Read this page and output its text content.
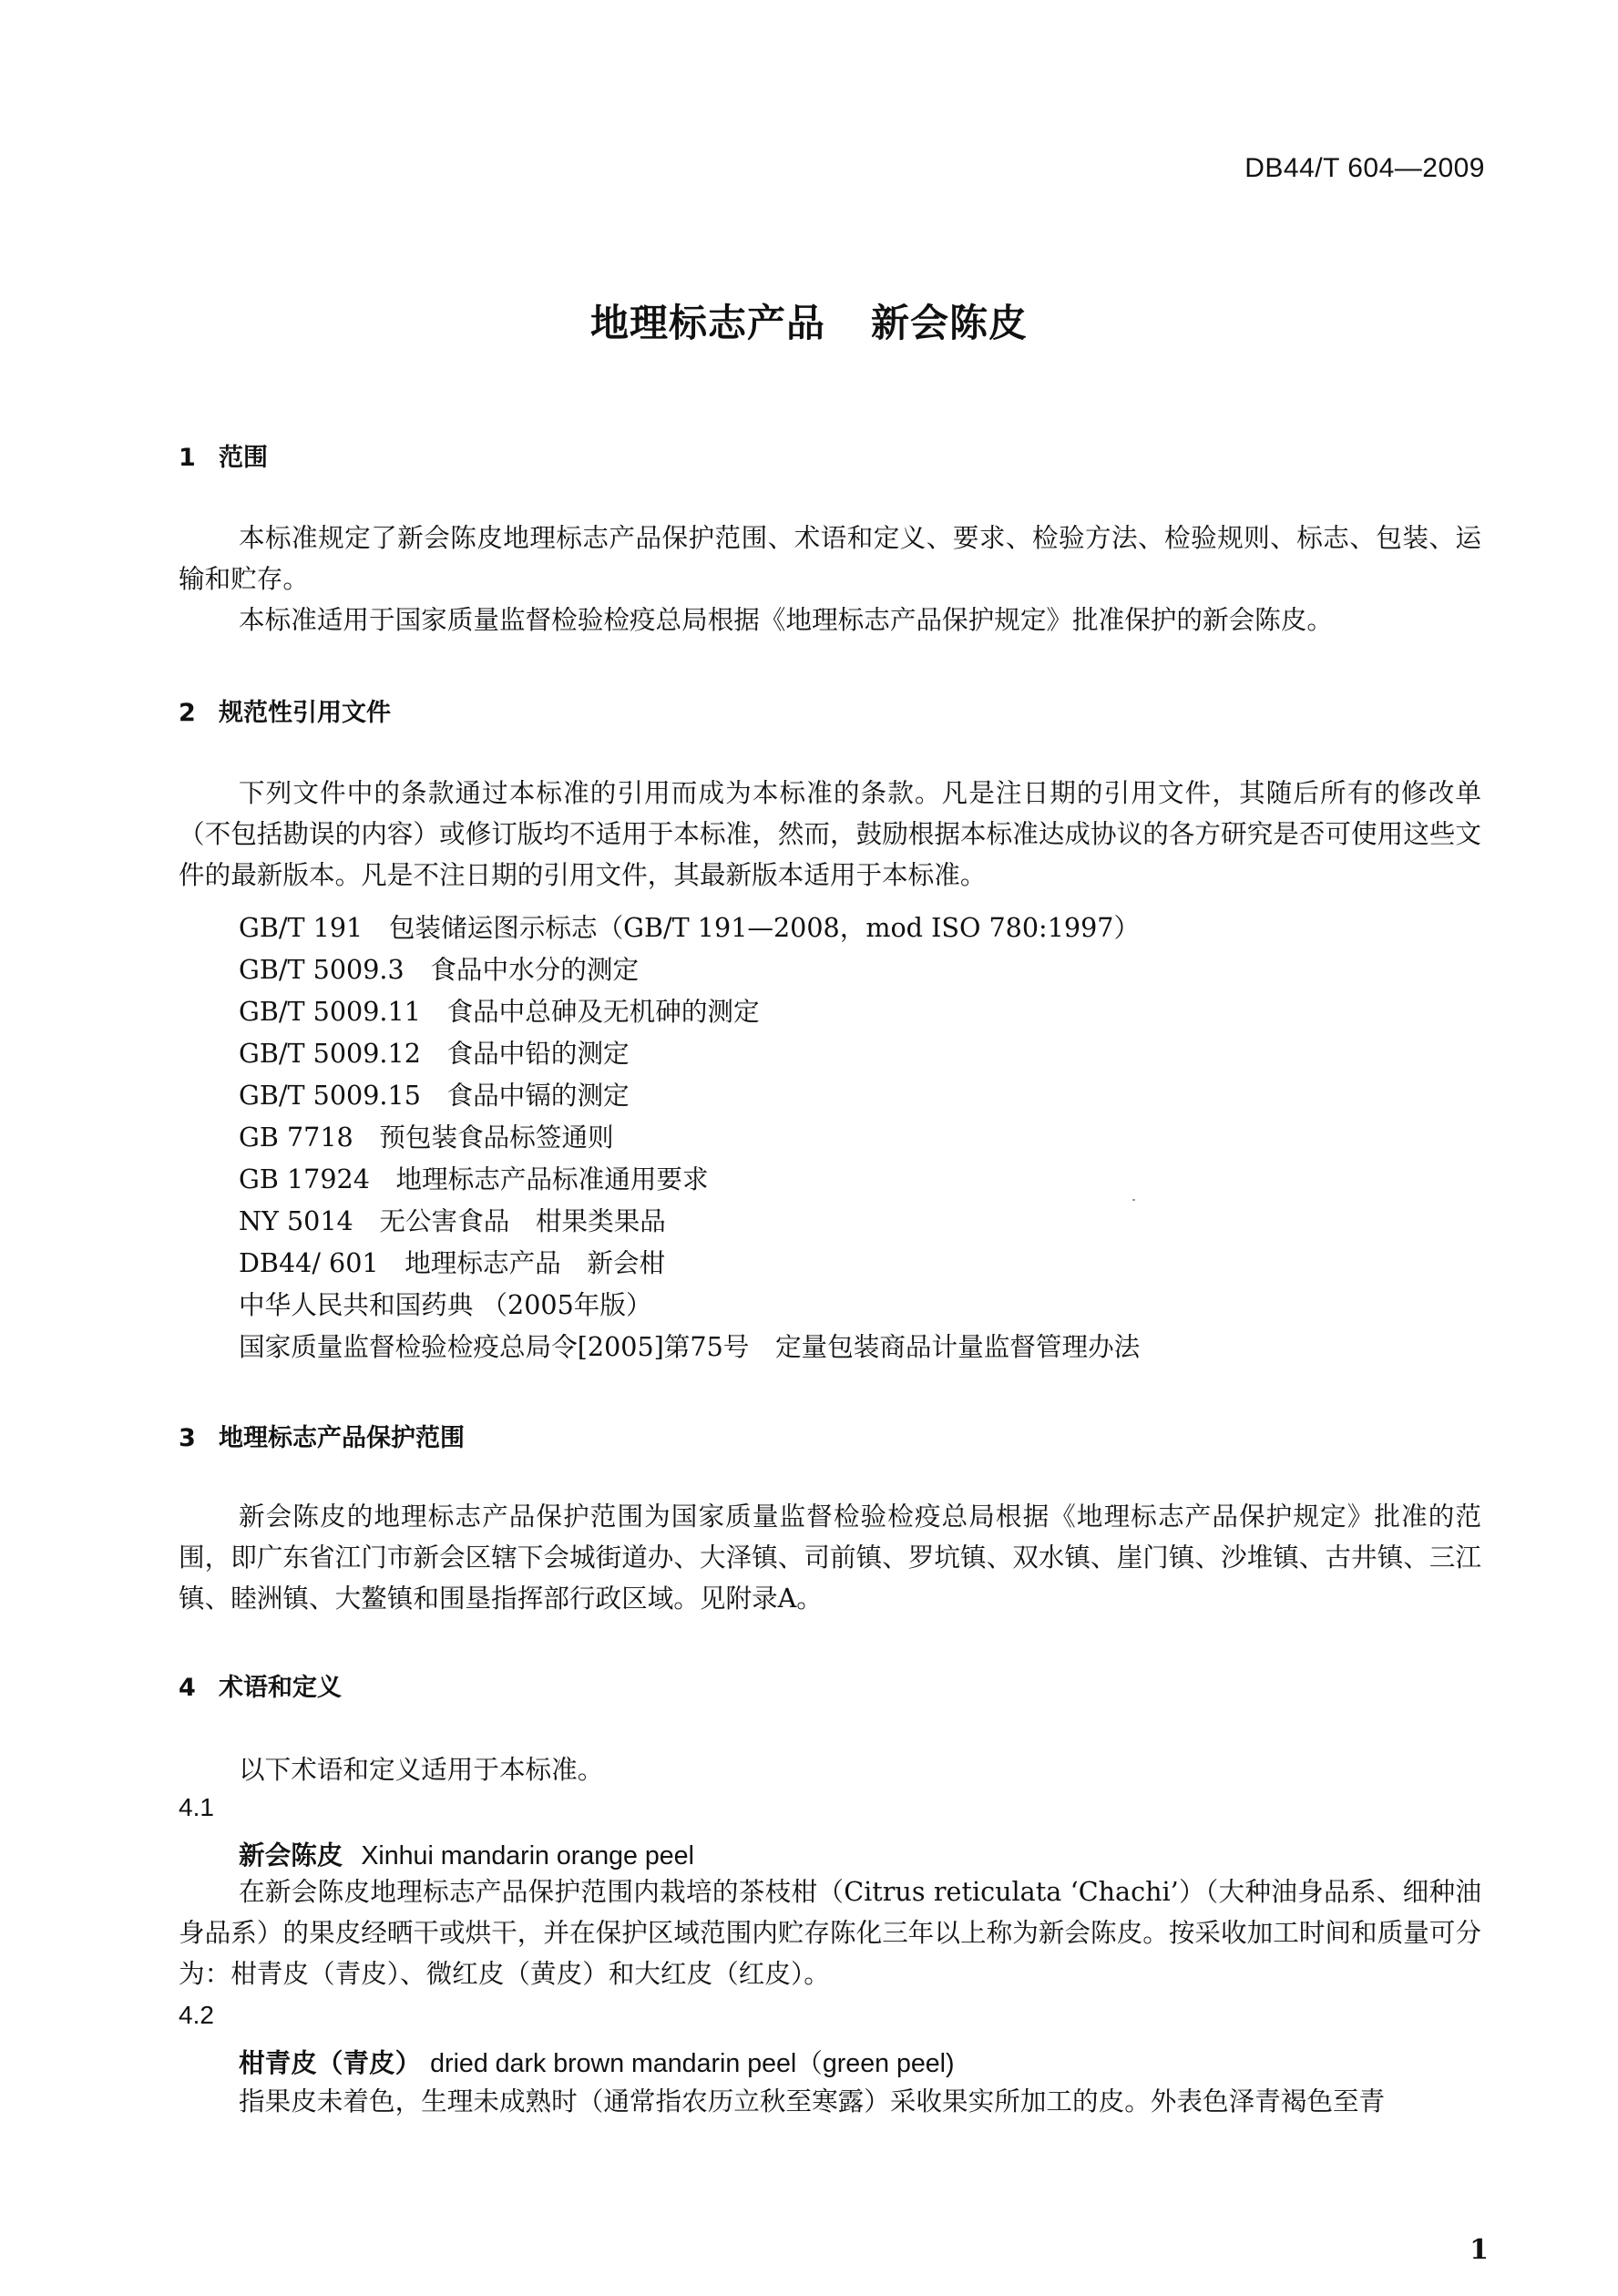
DB44/T 604—2009
地理标志产品 新会陈皮
1 范围
本标准规定了新会陈皮地理标志产品保护范围、术语和定义、要求、检验方法、检验规则、标志、包装、运输和贮存。
本标准适用于国家质量监督检验检疫总局根据《地理标志产品保护规定》批准保护的新会陈皮。
2 规范性引用文件
下列文件中的条款通过本标准的引用而成为本标准的条款。凡是注日期的引用文件，其随后所有的修改单（不包括勘误的内容）或修订版均不适用于本标准，然而，鼓励根据本标准达成协议的各方研究是否可使用这些文件的最新版本。凡是不注日期的引用文件，其最新版本适用于本标准。
GB/T 191　包装储运图示标志（GB/T 191—2008，mod ISO 780:1997）
GB/T 5009.3　食品中水分的测定
GB/T 5009.11　食品中总砷及无机砷的测定
GB/T 5009.12　食品中铅的测定
GB/T 5009.15　食品中镉的测定
GB 7718　预包装食品标签通则
GB 17924　地理标志产品标准通用要求
NY 5014　无公害食品　柑果类果品
DB44/ 601　地理标志产品　新会柑
中华人民共和国药典 （2005年版）
国家质量监督检验检疫总局令[2005]第75号　定量包装商品计量监督管理办法
3 地理标志产品保护范围
新会陈皮的地理标志产品保护范围为国家质量监督检验检疫总局根据《地理标志产品保护规定》批准的范围，即广东省江门市新会区辖下会城街道办、大泽镇、司前镇、罗坑镇、双水镇、崖门镇、沙堆镇、古井镇、三江镇、睦洲镇、大鳌镇和围垦指挥部行政区域。见附录A。
4 术语和定义
以下术语和定义适用于本标准。
4.1
新会陈皮 Xinhui mandarin orange peel
在新会陈皮地理标志产品保护范围内栽培的茶枝柑（Citrus reticulata ‘Chachi’）（大种油身品系、细种油身品系）的果皮经晒干或烘干，并在保护区域范围内贮存陈化三年以上称为新会陈皮。按采收加工时间和质量可分为：柑青皮（青皮）、微红皮（黄皮）和大红皮（红皮）。
4.2
柑青皮（青皮） dried dark brown mandarin peel（green peel)
指果皮未着色，生理未成熟时（通常指农历立秋至寒露）采收果实所加工的皮。外表色泽青褐色至青
1
